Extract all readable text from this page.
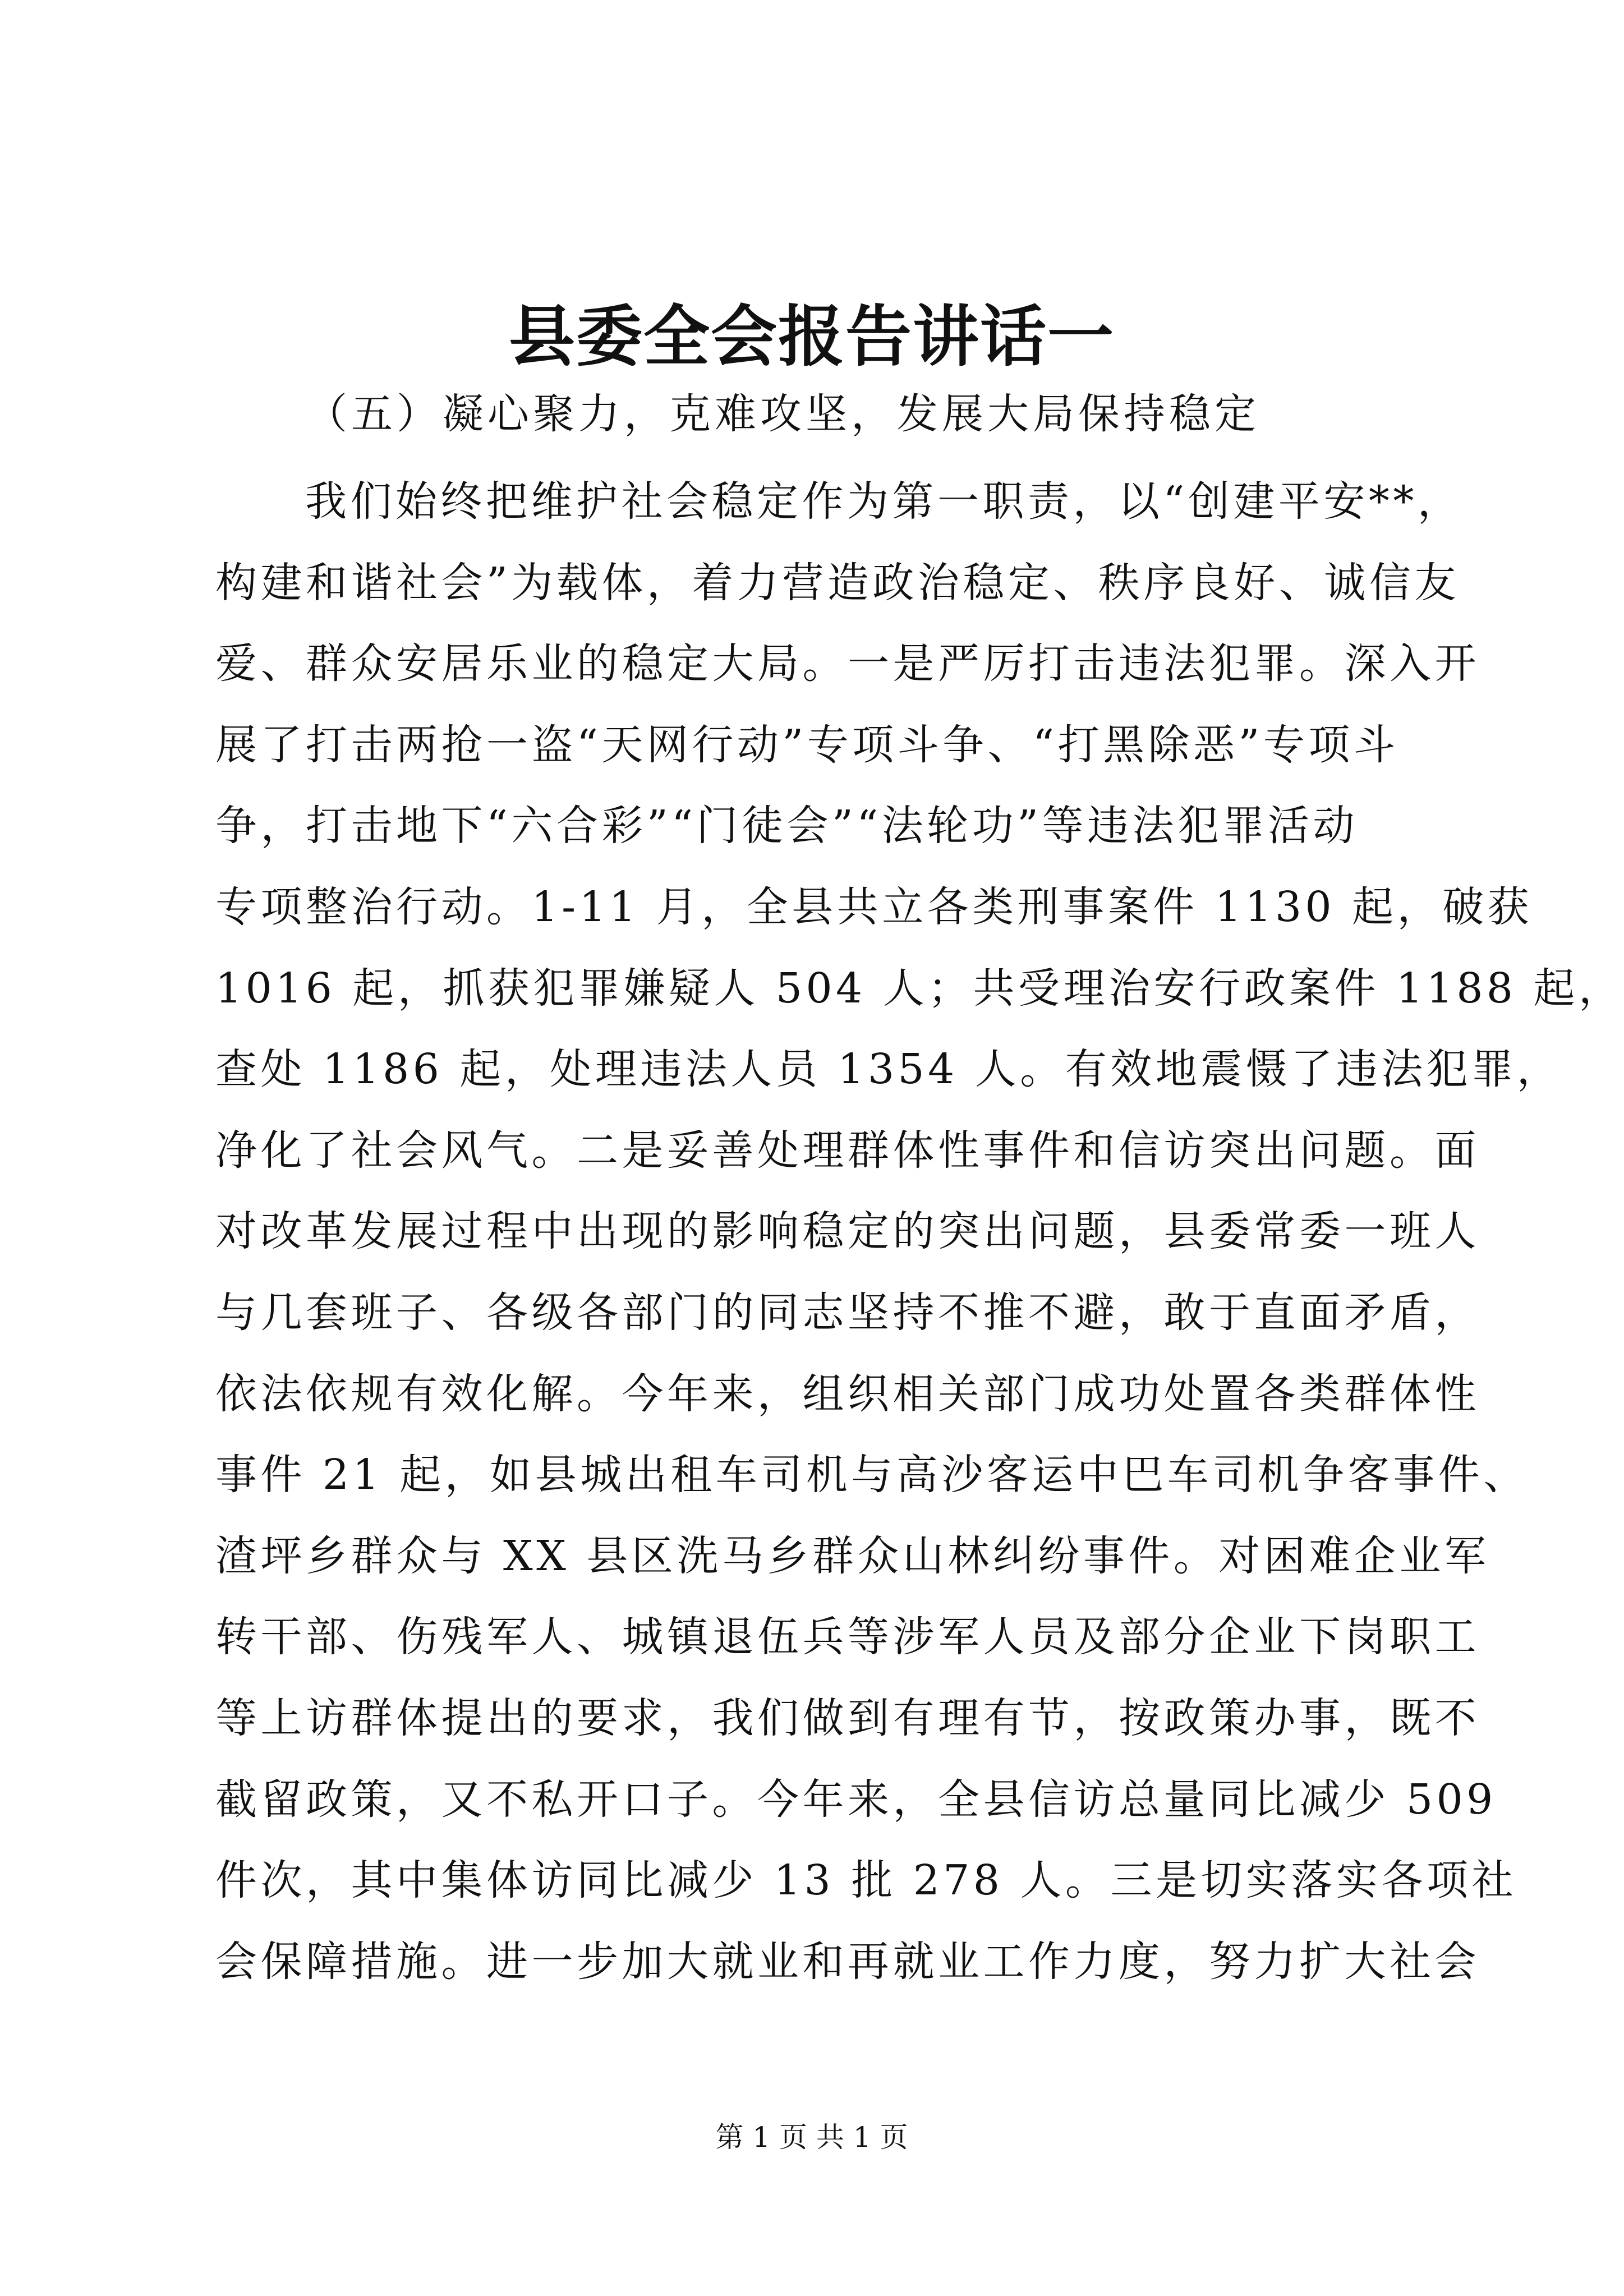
县委全会报告讲话一

（五）凝心聚力，克难攻坚，发展大局保持稳定

我们始终把维护社会稳定作为第一职责，以“创建平安**，
构建和谐社会”为载体，着力营造政治稳定、秩序良好、诚信友
爱、群众安居乐业的稳定大局。一是严厉打击违法犯罪。深入开
展了打击两抢一盗“天网行动”专项斗争、“打黑除恶”专项斗
争，打击地下“六合彩”“门徒会”“法轮功”等违法犯罪活动
专项整治行动。1-11 月，全县共立各类刑事案件 1130 起，破获
1016 起，抓获犯罪嫌疑人 504 人；共受理治安行政案件 1188 起，
查处 1186 起，处理违法人员 1354 人。有效地震慑了违法犯罪，
净化了社会风气。二是妥善处理群体性事件和信访突出问题。面
对改革发展过程中出现的影响稳定的突出问题，县委常委一班人
与几套班子、各级各部门的同志坚持不推不避，敢于直面矛盾，
依法依规有效化解。今年来，组织相关部门成功处置各类群体性
事件 21 起，如县城出租车司机与高沙客运中巴车司机争客事件、
渣坪乡群众与 XX 县区洗马乡群众山林纠纷事件。对困难企业军
转干部、伤残军人、城镇退伍兵等涉军人员及部分企业下岗职工
等上访群体提出的要求，我们做到有理有节，按政策办事，既不
截留政策，又不私开口子。今年来，全县信访总量同比减少 509
件次，其中集体访同比减少 13 批 278 人。三是切实落实各项社
会保障措施。进一步加大就业和再就业工作力度，努力扩大社会
第 1 页 共 1 页
